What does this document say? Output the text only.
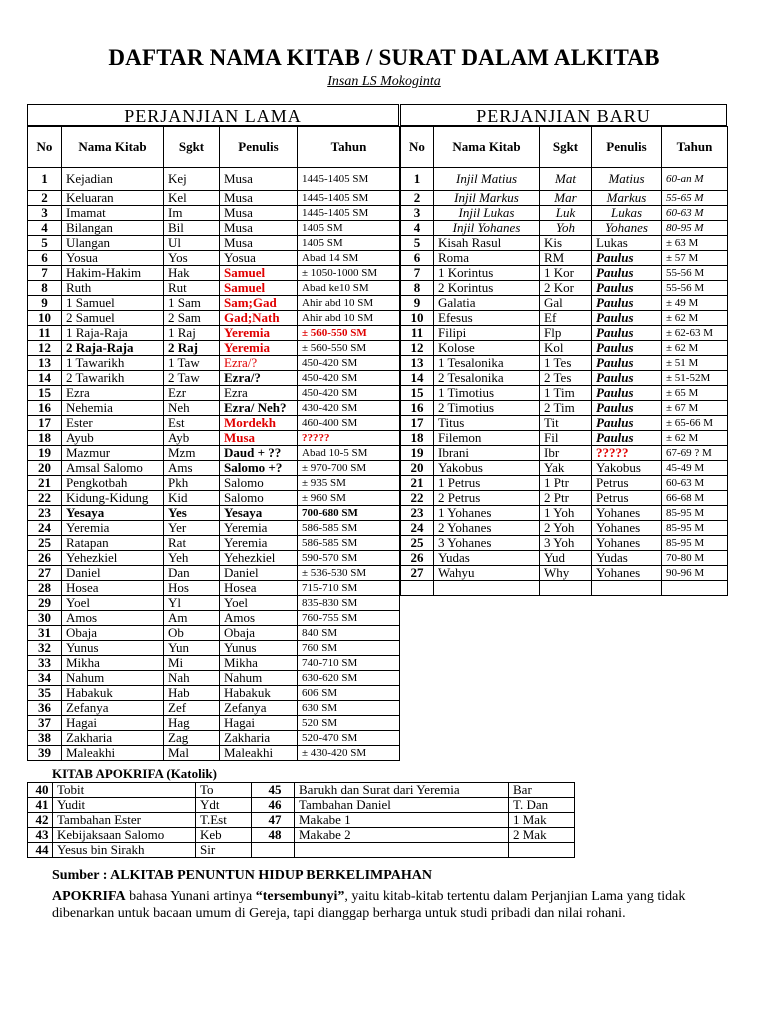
DAFTAR NAMA KITAB / SURAT DALAM ALKITAB
Insan LS Mokoginta
PERJANJIAN LAMA
No	Nama Kitab	Sgkt	Penulis	Tahun
1	Kejadian	Kej	Musa	1445-1405 SM
2	Keluaran	Kel	Musa	1445-1405 SM
3	Imamat	Im	Musa	1445-1405 SM
4	Bilangan	Bil	Musa	1405 SM
5	Ulangan	Ul	Musa	1405 SM
6	Yosua	Yos	Yosua	Abad 14 SM
7	Hakim-Hakim	Hak	Samuel	± 1050-1000 SM
8	Ruth	Rut	Samuel	Abad ke10 SM
9	1 Samuel	1 Sam	Sam;Gad	Ahir abd 10 SM
10	2 Samuel	2 Sam	Gad;Nath	Ahir abd 10 SM
11	1 Raja-Raja	1 Raj	Yeremia	± 560-550 SM
12	2 Raja-Raja	2 Raj	Yeremia	± 560-550 SM
13	1 Tawarikh	1 Taw	Ezra/?	450-420 SM
14	2 Tawarikh	2 Taw	Ezra/?	450-420 SM
15	Ezra	Ezr	Ezra	450-420 SM
16	Nehemia	Neh	Ezra/ Neh?	430-420 SM
17	Ester	Est	Mordekh	460-400 SM
18	Ayub	Ayb	Musa	?????
19	Mazmur	Mzm	Daud + ??	Abad 10-5 SM
20	Amsal Salomo	Ams	Salomo +?	± 970-700 SM
21	Pengkotbah	Pkh	Salomo	± 935 SM
22	Kidung-Kidung	Kid	Salomo	± 960 SM
23	Yesaya	Yes	Yesaya	700-680 SM
24	Yeremia	Yer	Yeremia	586-585 SM
25	Ratapan	Rat	Yeremia	586-585 SM
26	Yehezkiel	Yeh	Yehezkiel	590-570 SM
27	Daniel	Dan	Daniel	± 536-530 SM
28	Hosea	Hos	Hosea	715-710 SM
29	Yoel	Yl	Yoel	835-830 SM
30	Amos	Am	Amos	760-755 SM
31	Obaja	Ob	Obaja	840 SM
32	Yunus	Yun	Yunus	760 SM
33	Mikha	Mi	Mikha	740-710 SM
34	Nahum	Nah	Nahum	630-620 SM
35	Habakuk	Hab	Habakuk	606 SM
36	Zefanya	Zef	Zefanya	630 SM
37	Hagai	Hag	Hagai	520 SM
38	Zakharia	Zag	Zakharia	520-470 SM
39	Maleakhi	Mal	Maleakhi	± 430-420 SM
PERJANJIAN BARU
No	Nama Kitab	Sgkt	Penulis	Tahun
1	Injil Matius	Mat	Matius	60-an M
2	Injil Markus	Mar	Markus	55-65 M
3	Injil Lukas	Luk	Lukas	60-63 M
4	Injil Yohanes	Yoh	Yohanes	80-95 M
5	Kisah Rasul	Kis	Lukas	± 63 M
6	Roma	RM	Paulus	± 57 M
7	1 Korintus	1 Kor	Paulus	55-56 M
8	2 Korintus	2 Kor	Paulus	55-56 M
9	Galatia	Gal	Paulus	± 49 M
10	Efesus	Ef	Paulus	± 62 M
11	Filipi	Flp	Paulus	± 62-63 M
12	Kolose	Kol	Paulus	± 62 M
13	1 Tesalonika	1 Tes	Paulus	± 51 M
14	2 Tesalonika	2 Tes	Paulus	± 51-52M
15	1 Timotius	1 Tim	Paulus	± 65 M
16	2 Timotius	2 Tim	Paulus	± 67 M
17	Titus	Tit	Paulus	± 65-66 M
18	Filemon	Fil	Paulus	± 62 M
19	Ibrani	Ibr	?????	67-69 ? M
20	Yakobus	Yak	Yakobus	45-49 M
21	1 Petrus	1 Ptr	Petrus	60-63 M
22	2 Petrus	2 Ptr	Petrus	66-68 M
23	1 Yohanes	1 Yoh	Yohanes	85-95 M
24	2 Yohanes	2 Yoh	Yohanes	85-95 M
25	3 Yohanes	3 Yoh	Yohanes	85-95 M
26	Yudas	Yud	Yudas	70-80 M
27	Wahyu	Why	Yohanes	90-96 M

KITAB APOKRIFA (Katolik)
40	Tobit	To	45	Barukh dan Surat dari Yeremia	Bar
41	Yudit	Ydt	46	Tambahan Daniel	T. Dan
42	Tambahan Ester	T.Est	47	Makabe 1	1 Mak
43	Kebijaksaan Salomo	Keb	48	Makabe 2	2 Mak
44	Yesus bin Sirakh	Sir			
Sumber : ALKITAB PENUNTUN HIDUP BERKELIMPAHAN
APOKRIFA bahasa Yunani artinya “tersembunyi”, yaitu kitab-kitab tertentu dalam Perjanjian Lama yang tidak dibenarkan untuk bacaan umum di Gereja, tapi dianggap berharga untuk studi pribadi dan nilai rohani.
